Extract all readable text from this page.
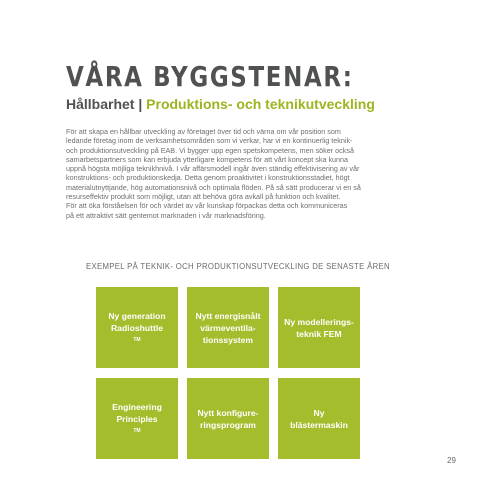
VÅRA BYGGSTENAR:
Hållbarhet | Produktions- och teknikutveckling

För att skapa en hållbar utveckling av företaget över tid och värna om vår position som
ledande företag inom de verksamhetsområden som vi verkar, har vi en kontinuerlig teknik-
och produktionsutveckling på EAB. Vi bygger upp egen spetskompetens, men söker också
samarbetspartners som kan erbjuda ytterligare kompetens för att vårt koncept ska kunna
uppnå högsta möjliga teknikhnivå. I vår affärsmodell ingår även ständig effektivisering av vår
konstruktions- och produktionskedja. Detta genom proaktivitet i konstruktionsstadiet, högt
materialutnyttjande, hög automationsnivå och optimala flöden. På så sätt producerar vi en så
resurseffektiv produkt som möjligt, utan att behöva göra avkall på funktion och kvalitet.
För att öka förståelsen för och värdet av vår kunskap förpackas detta och kommuniceras
på ett attraktivt sätt gentemot marknaden i vår marknadsföring.

EXEMPEL PÅ TEKNIK- OCH PRODUKTIONSUTVECKLING DE SENASTE ÅREN
Ny generation
Radioshuttle
TM
Nytt energisnålt
värmeventila-
tionssystem
Ny modellerings-
teknik FEM
Engineering
Principles
TM
Nytt konfigure-
ringsprogram
Ny
blästermaskin
29
